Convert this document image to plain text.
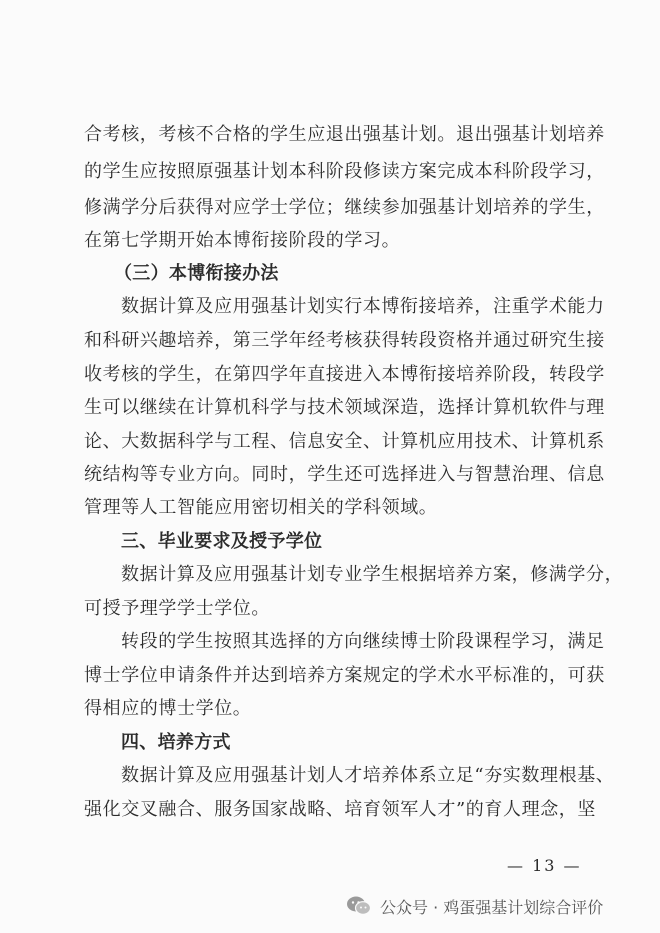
合考核，考核不合格的学生应退出强基计划。退出强基计划培养
的学生应按照原强基计划本科阶段修读方案完成本科阶段学习，
修满学分后获得对应学士学位；继续参加强基计划培养的学生，
在第七学期开始本博衔接阶段的学习。
（三）本博衔接办法
数据计算及应用强基计划实行本博衔接培养，注重学术能力
和科研兴趣培养，第三学年经考核获得转段资格并通过研究生接
收考核的学生，在第四学年直接进入本博衔接培养阶段，转段学
生可以继续在计算机科学与技术领域深造，选择计算机软件与理
论、大数据科学与工程、信息安全、计算机应用技术、计算机系
统结构等专业方向。同时，学生还可选择进入与智慧治理、信息
管理等人工智能应用密切相关的学科领域。
三、毕业要求及授予学位
数据计算及应用强基计划专业学生根据培养方案，修满学分，
可授予理学学士学位。
转段的学生按照其选择的方向继续博士阶段课程学习，满足
博士学位申请条件并达到培养方案规定的学术水平标准的，可获
得相应的博士学位。
四、培养方式
数据计算及应用强基计划人才培养体系立足“夯实数理根基、
强化交叉融合、服务国家战略、培育领军人才”的育人理念，坚
— 13 —
公众号 · 鸡蛋强基计划综合评价
